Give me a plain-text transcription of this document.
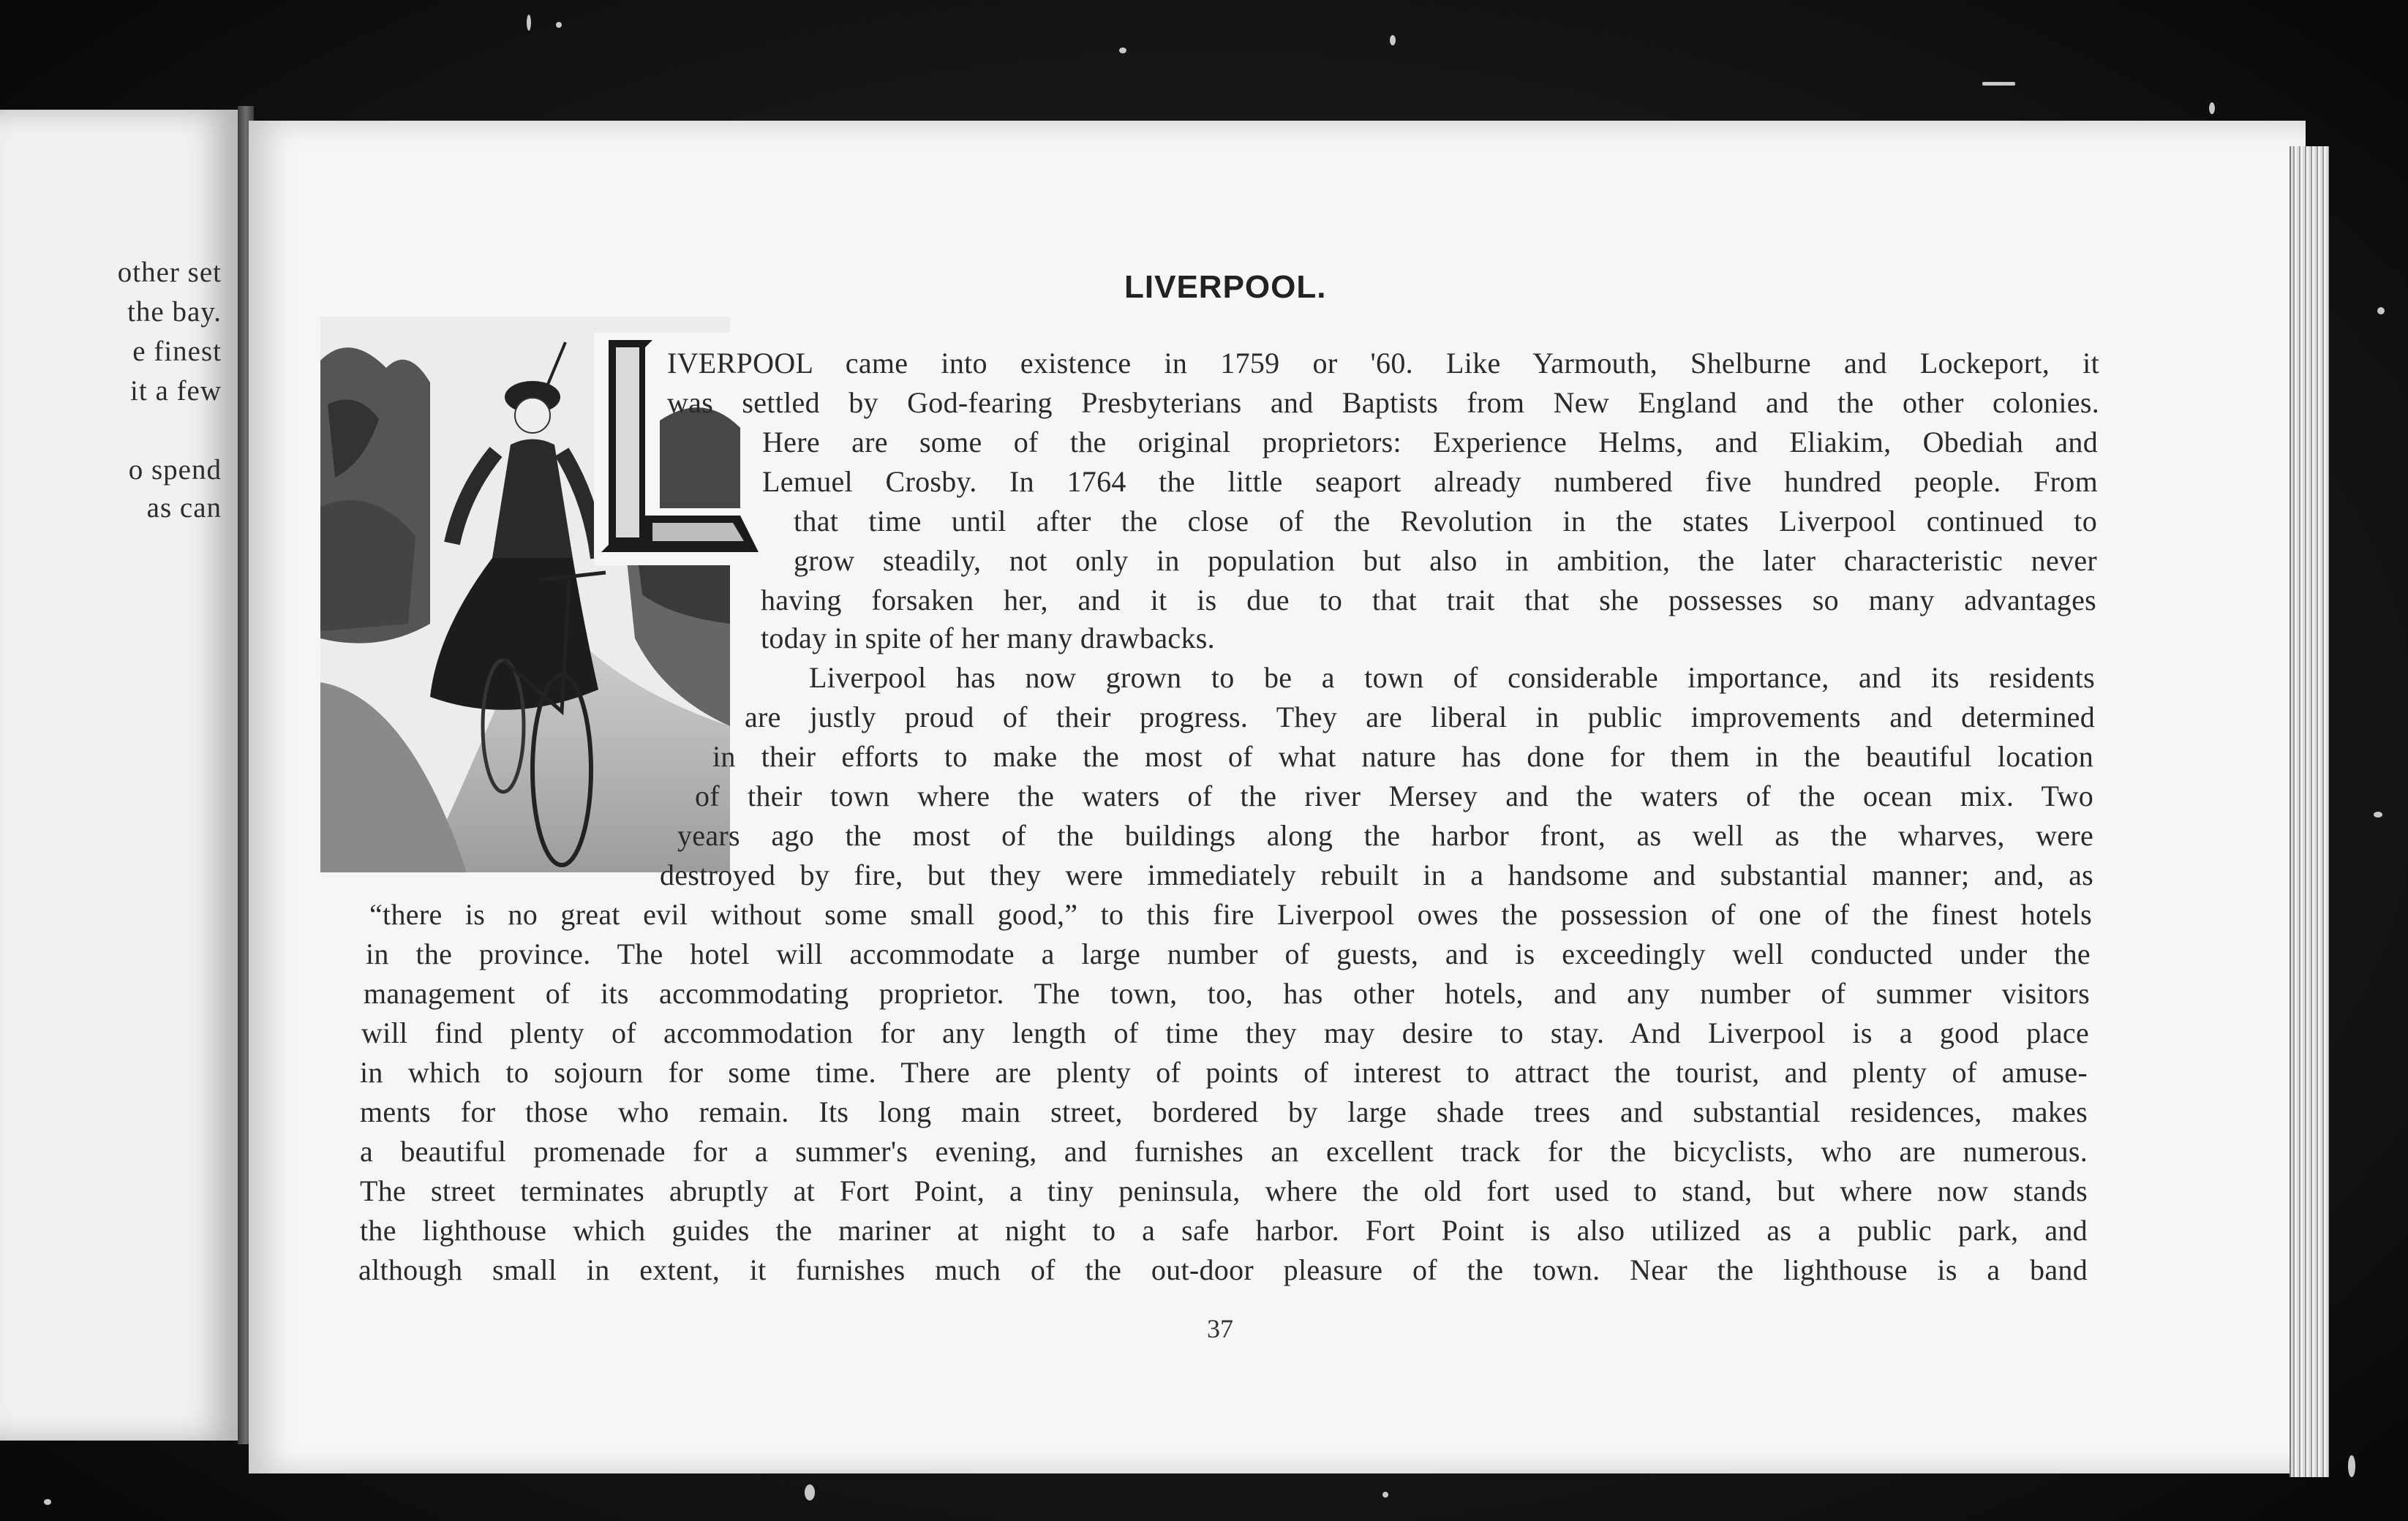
other set
the bay.
e finest
it a few
o spend
as can
LIVERPOOL.
IVERPOOL came into existence in 1759 or '60. Like Yarmouth, Shelburne and Lockeport, it
was settled by God-fearing Presbyterians and Baptists from New England and the other colonies.
Here are some of the original proprietors: Experience Helms, and Eliakim, Obediah and
Lemuel Crosby. In 1764 the little seaport already numbered five hundred people. From
that time until after the close of the Revolution in the states Liverpool continued to
grow steadily, not only in population but also in ambition, the later characteristic never
having forsaken her, and it is due to that trait that she possesses so many advantages
today in spite of her many drawbacks.
Liverpool has now grown to be a town of considerable importance, and its residents
are justly proud of their progress. They are liberal in public improvements and determined
in their efforts to make the most of what nature has done for them in the beautiful location
of their town where the waters of the river Mersey and the waters of the ocean mix. Two
years ago the most of the buildings along the harbor front, as well as the wharves, were
destroyed by fire, but they were immediately rebuilt in a handsome and substantial manner; and, as
“there is no great evil without some small good,” to this fire Liverpool owes the possession of one of the finest hotels
in the province. The hotel will accommodate a large number of guests, and is exceedingly well conducted under the
management of its accommodating proprietor. The town, too, has other hotels, and any number of summer visitors
will find plenty of accommodation for any length of time they may desire to stay. And Liverpool is a good place
in which to sojourn for some time. There are plenty of points of interest to attract the tourist, and plenty of amuse-
ments for those who remain. Its long main street, bordered by large shade trees and substantial residences, makes
a beautiful promenade for a summer's evening, and furnishes an excellent track for the bicyclists, who are numerous.
The street terminates abruptly at Fort Point, a tiny peninsula, where the old fort used to stand, but where now stands
the lighthouse which guides the mariner at night to a safe harbor. Fort Point is also utilized as a public park, and
although small in extent, it furnishes much of the out-door pleasure of the town. Near the lighthouse is a band
37
